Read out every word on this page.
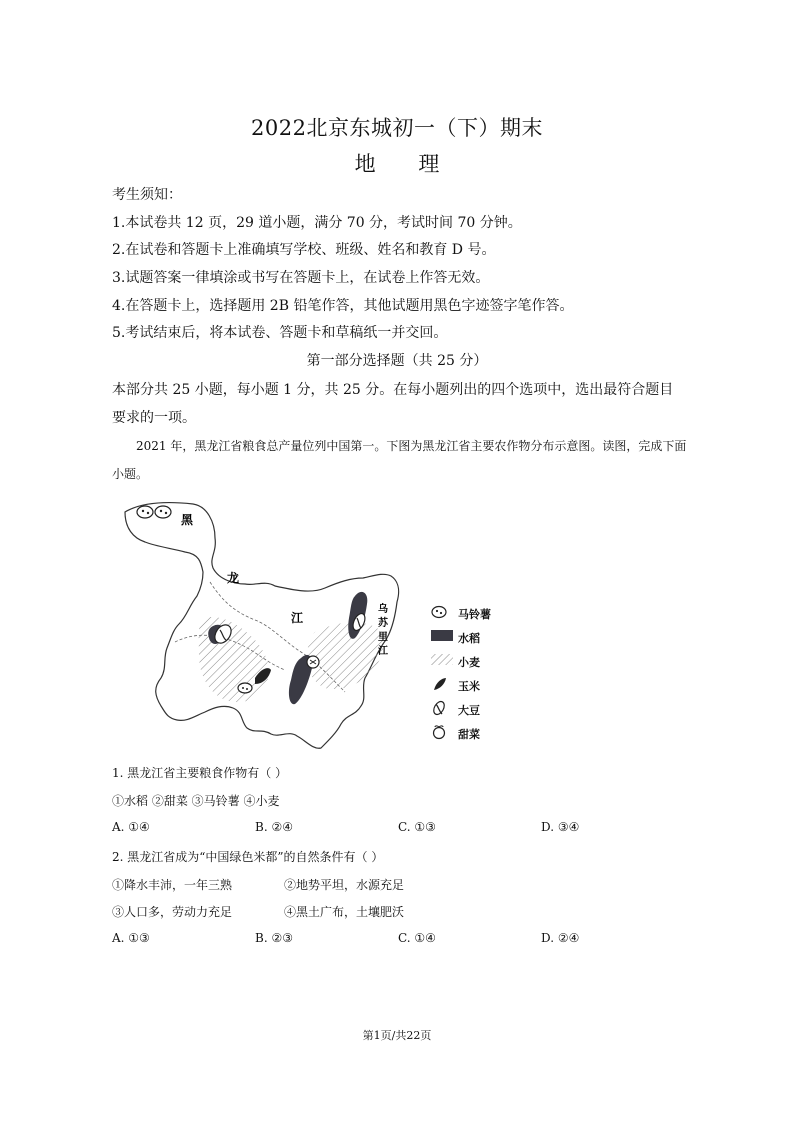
2022北京东城初一（下）期末
地 理
考生须知：
1.本试卷共 12 页，29 道小题，满分 70 分，考试时间 70 分钟。
2.在试卷和答题卡上准确填写学校、班级、姓名和教育 D 号。
3.试题答案一律填涂或书写在答题卡上，在试卷上作答无效。
4.在答题卡上，选择题用 2B 铅笔作答，其他试题用黑色字迹签字笔作答。
5.考试结束后，将本试卷、答题卡和草稿纸一并交回。
第一部分选择题（共 25 分）
本部分共 25 小题，每小题 1 分，共 25 分。在每小题列出的四个选项中，选出最符合题目要求的一项。
2021 年，黑龙江省粮食总产量位列中国第一。下图为黑龙江省主要农作物分布示意图。读图，完成下面小题。
黑
龙
江
乌
苏
里
江
马铃薯
水稻
小麦
玉米
大豆
甜菜
1. 黑龙江省主要粮食作物有（ ）
①水稻 ②甜菜 ③马铃薯 ④小麦
A. ①④	B. ②④	C. ①③	D. ③④
2. 黑龙江省成为“中国绿色米都”的自然条件有（ ）
①降水丰沛，一年三熟	②地势平坦，水源充足
③人口多，劳动力充足	④黑土广布，土壤肥沃
A. ①③	B. ②③	C. ①④	D. ②④
第1页/共22页
